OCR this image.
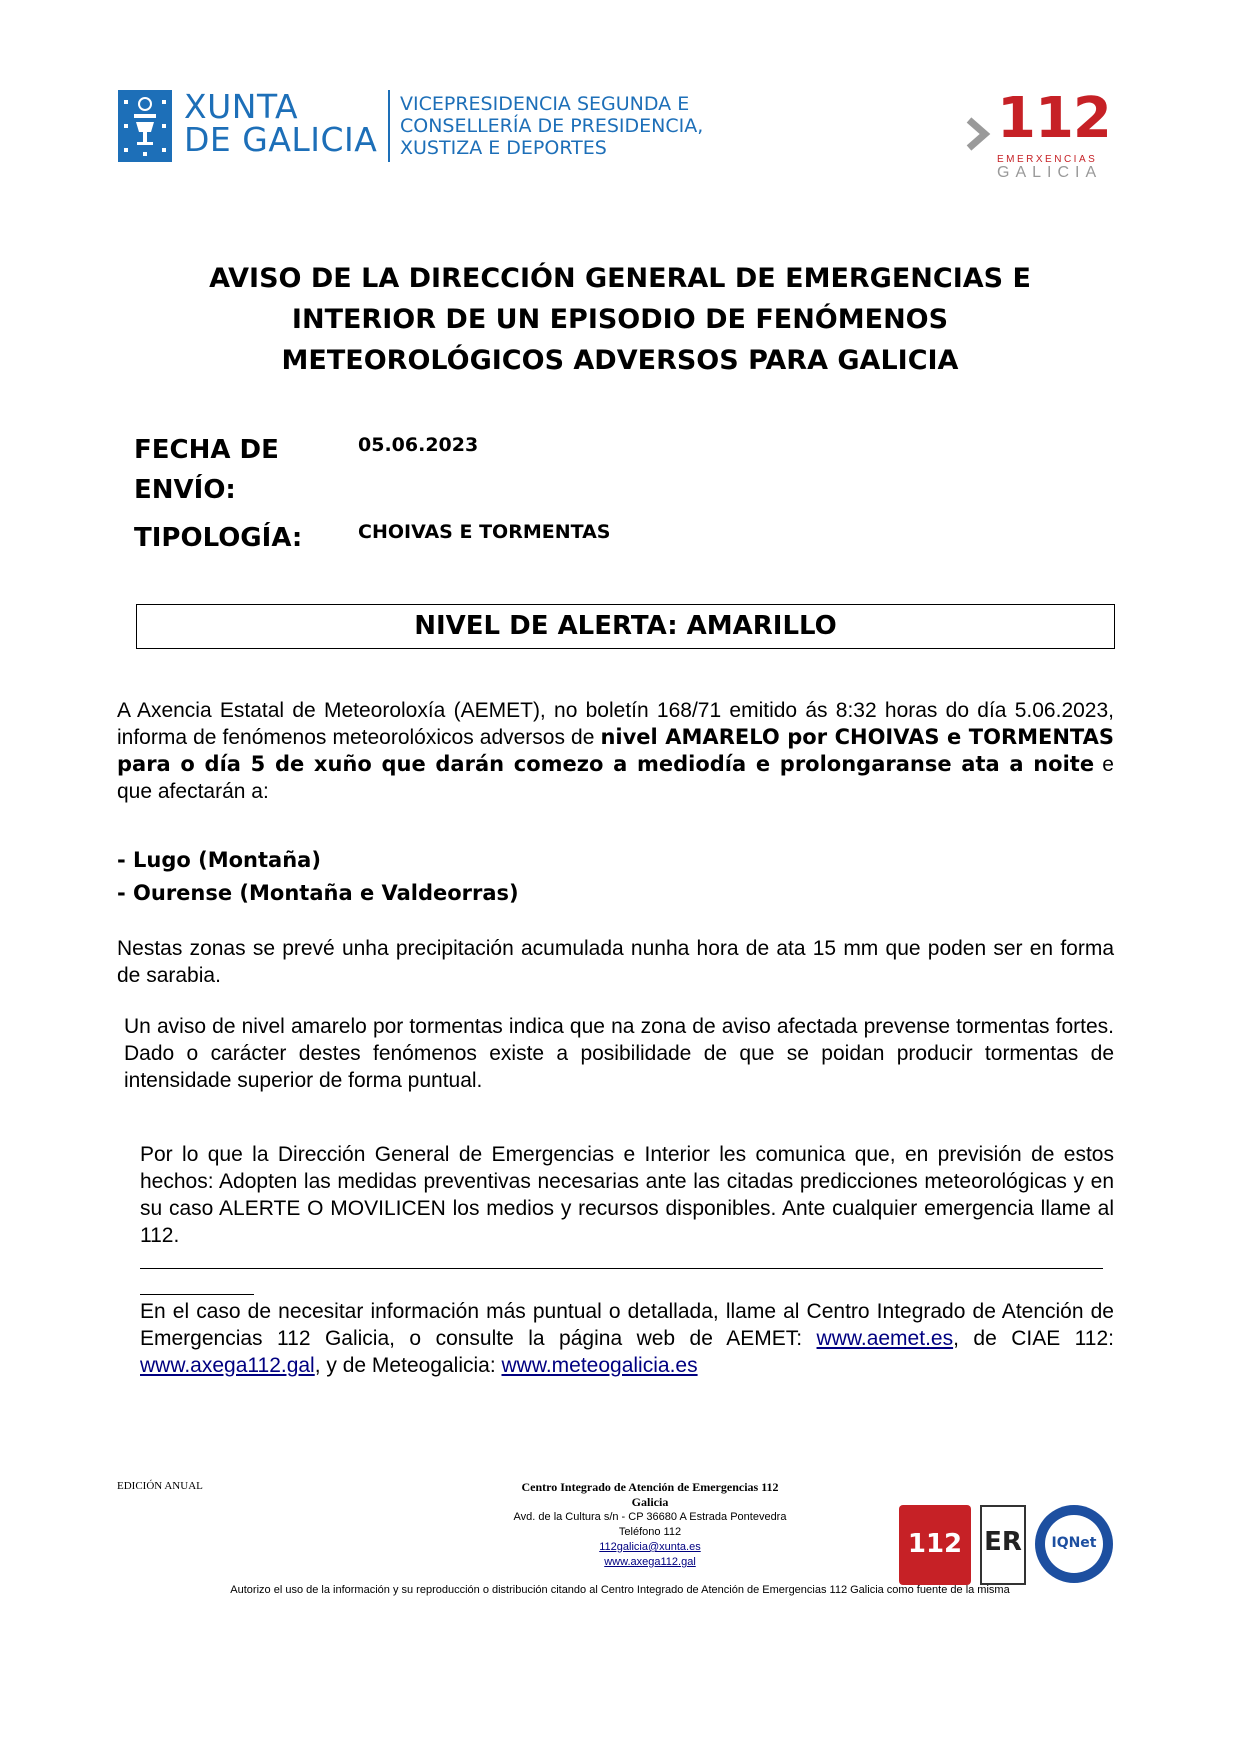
XUNTA
DE GALICIA
VICEPRESIDENCIA SEGUNDA E
CONSELLERÍA DE PRESIDENCIA,
XUSTIZA E DEPORTES	112
EMERXENCIAS
GALICIA
AVISO DE LA DIRECCIÓN GENERAL DE EMERGENCIAS E
INTERIOR DE UN EPISODIO DE FENÓMENOS
METEOROLÓGICOS ADVERSOS PARA GALICIA
FECHA DE
ENVÍO:
05.06.2023
TIPOLOGÍA:	CHOIVAS E TORMENTAS
NIVEL DE ALERTA: AMARILLO
A Axencia Estatal de Meteoroloxía (AEMET), no boletín 168/71 emitido ás 8:32 horas do día 5.06.2023, informa de fenómenos meteorolóxicos adversos de nivel AMARELO por CHOIVAS e TORMENTAS para o día 5 de xuño que darán comezo a mediodía e prolongaranse ata a noite e que afectarán a:
- Lugo (Montaña)
- Ourense (Montaña e Valdeorras)
Nestas zonas se prevé unha precipitación acumulada nunha hora de ata 15 mm que poden ser en forma de sarabia.
Un aviso de nivel amarelo por tormentas indica que na zona de aviso afectada prevense tormentas fortes. Dado o carácter destes fenómenos existe a posibilidade de que se poidan producir tormentas de intensidade superior de forma puntual.
Por lo que la Dirección General de Emergencias e Interior les comunica que, en previsión de estos hechos: Adopten las medidas preventivas necesarias ante las citadas predicciones meteorológicas y en su caso ALERTE O MOVILICEN los medios y recursos disponibles. Ante cualquier emergencia llame al 112.
En el caso de necesitar información más puntual o detallada, llame al Centro Integrado de Atención de Emergencias 112 Galicia, o consulte la página web de AEMET: www.aemet.es, de CIAE 112: www.axega112.gal, y de Meteogalicia: www.meteogalicia.es
EDICIÓN ANUAL	Centro Integrado de Atención de Emergencias 112
Galicia
Avd. de la Cultura s/n - CP 36680 A Estrada Pontevedra
Teléfono 112
112galicia@xunta.es
www.axega112.gal
112 ER	IQNet
Autorizo el uso de la información y su reproducción o distribución citando al Centro Integrado de Atención de Emergencias 112 Galicia como fuente de la misma
